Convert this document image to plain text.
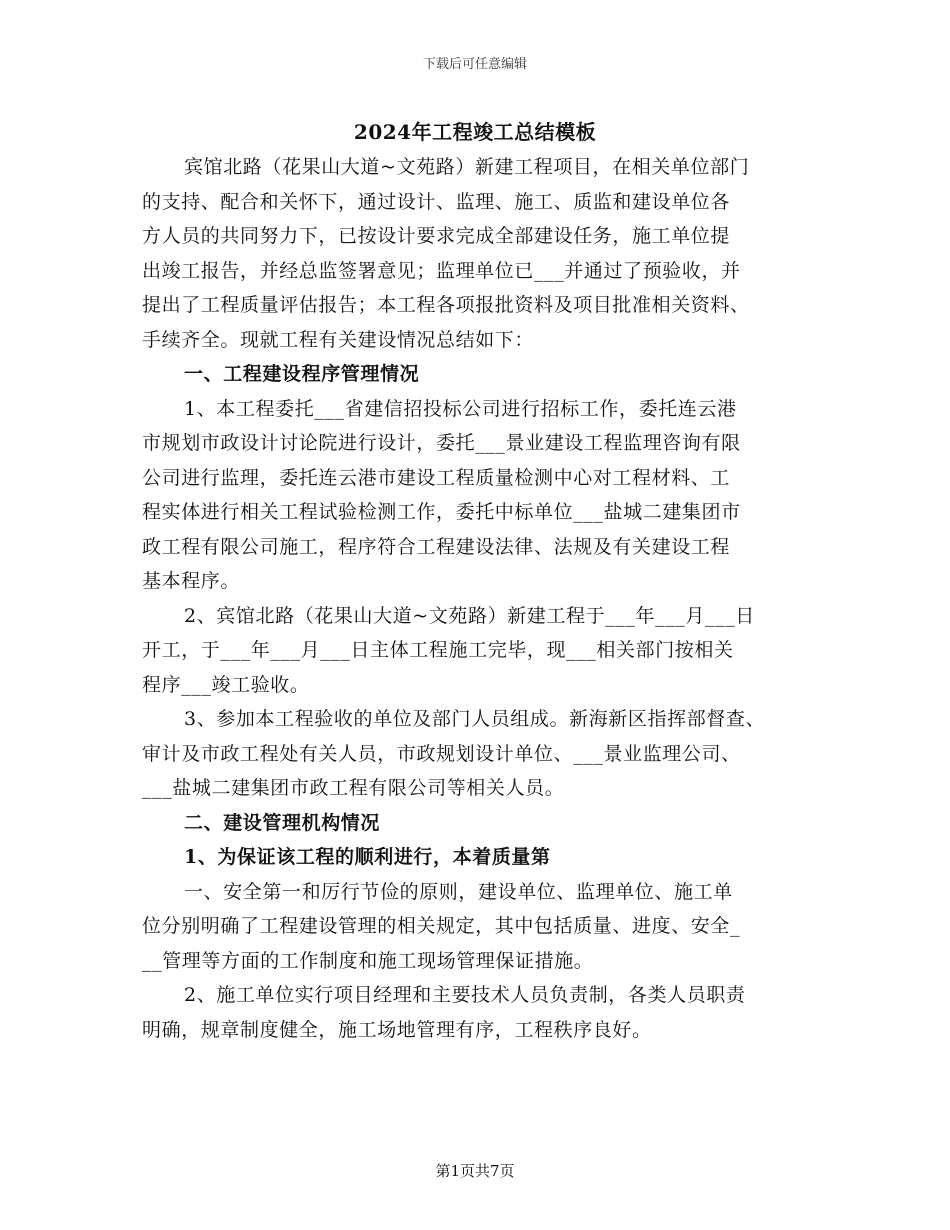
下载后可任意编辑
2024年工程竣工总结模板
宾馆北路（花果山大道~文苑路）新建工程项目，在相关单位部门
的支持、配合和关怀下，通过设计、监理、施工、质监和建设单位各
方人员的共同努力下，已按设计要求完成全部建设任务，施工单位提
出竣工报告，并经总监签署意见；监理单位已___并通过了预验收，并
提出了工程质量评估报告；本工程各项报批资料及项目批准相关资料、
手续齐全。现就工程有关建设情况总结如下：
一、工程建设程序管理情况
1、本工程委托___省建信招投标公司进行招标工作，委托连云港
市规划市政设计讨论院进行设计，委托___景业建设工程监理咨询有限
公司进行监理，委托连云港市建设工程质量检测中心对工程材料、工
程实体进行相关工程试验检测工作，委托中标单位___盐城二建集团市
政工程有限公司施工，程序符合工程建设法律、法规及有关建设工程
基本程序。
2、宾馆北路（花果山大道~文苑路）新建工程于___年___月___日
开工，于___年___月___日主体工程施工完毕，现___相关部门按相关
程序___竣工验收。
3、参加本工程验收的单位及部门人员组成。新海新区指挥部督查、
审计及市政工程处有关人员，市政规划设计单位、___景业监理公司、
___盐城二建集团市政工程有限公司等相关人员。
二、建设管理机构情况
1、为保证该工程的顺利进行，本着质量第
一、安全第一和厉行节俭的原则，建设单位、监理单位、施工单
位分别明确了工程建设管理的相关规定，其中包括质量、进度、安全_
__管理等方面的工作制度和施工现场管理保证措施。
2、施工单位实行项目经理和主要技术人员负责制，各类人员职责
明确，规章制度健全，施工场地管理有序，工程秩序良好。
第1页共7页
